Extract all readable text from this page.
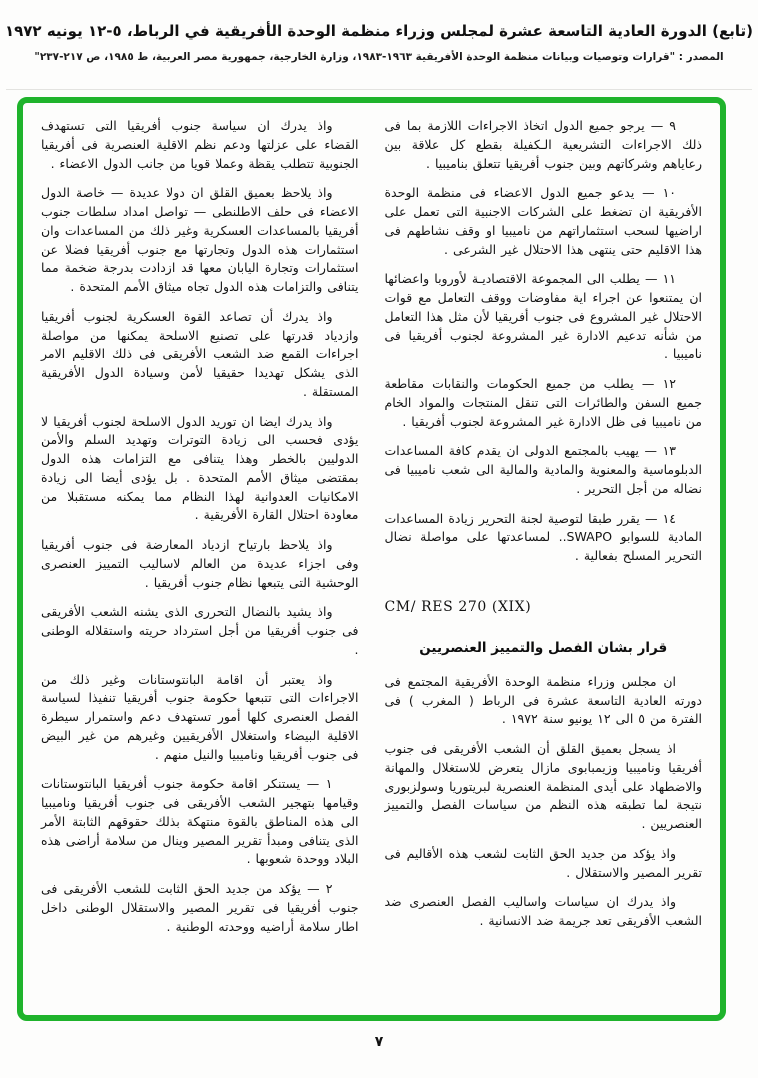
(تابع) الدورة العادية التاسعة عشرة لمجلس وزراء منظمة الوحدة الأفريقية في الرباط، ٥-١٢ يونيه ١٩٧٢
المصدر : "قرارات وتوصيات وبيانات منظمة الوحدة الأفريقية ١٩٦٣-١٩٨٣، وزارة الخارجية، جمهورية مصر العربية، ط ١٩٨٥، ص ٢١٧-٢٣٧"

٩ — يرجو جميع الدول اتخاذ الاجراءات اللازمة بما فى ذلك الاجراءات التشريعية الـكفيلة بقطع كل علاقة بين رعاياهم وشركاتهم وبين جنوب أفريقيا تتعلق بناميبيا .

١٠ — يدعو جميع الدول الاعضاء فى منظمة الوحدة الأفريقية ان تضغط على الشركات الاجنبية التى تعمل على اراضيها لسحب استثماراتهم من ناميبيا او وقف نشاطهم فى هذا الاقليم حتى ينتهى هذا الاحتلال غير الشرعى .

١١ — يطلب الى المجموعة الاقتصاديـة لأوروبا واعضائها ان يمتنعوا عن اجراء اية مفاوضات ووقف التعامل مع قوات الاحتلال غير المشروع فى جنوب أفريقيا لأن مثل هذا التعامل من شأنه تدعيم الادارة غير المشروعة لجنوب أفريقيا فى ناميبيا .

١٢ — يطلب من جميع الحكومات والنقابات مقاطعة جميع السفن والطائرات التى تنقل المنتجات والمواد الخام من ناميبيا فى ظل الادارة غير المشروعة لجنوب أفريقيا .

١٣ — يهيب بالمجتمع الدولى ان يقدم كافة المساعدات الدبلوماسية والمعنوية والمادية والمالية الى شعب ناميبيا فى نضاله من أجل التحرير .

١٤ — يقرر طبقا لتوصية لجنة التحرير زيادة المساعدات المادية للسوابو SWAPO.. لمساعدتها على مواصلة نضال التحرير المسلح بفعالية .

CM/ RES 270 (XIX)
قرار بشان الفصل والتمييز العنصريين

ان مجلس وزراء منظمة الوحدة الأفريقية المجتمع فى دورته العادية التاسعة عشرة فى الرباط ( المغرب ) فى الفترة من ٥ الى ١٢ يونيو سنة ١٩٧٢ .

اذ يسجل بعميق القلق أن الشعب الأفريقى فى جنوب أفريقيا وناميبيا وزيمبابوى مازال يتعرض للاستغلال والمهانة والاضطهاد على أيدى المنظمة العنصرية لبريتوريا وسولزبورى نتيجة لما تطبقه هذه النظم من سياسات الفصل والتمييز العنصريين .

واذ يؤكد من جديد الحق الثابت لشعب هذه الأقاليم فى تقرير المصير والاستقلال .

واذ يدرك ان سياسات واساليب الفصل العنصرى ضد الشعب الأفريقى تعد جريمة ضد الانسانية .

واذ يدرك ان سياسة جنوب أفريقيا التى تستهدف القضاء على عزلتها ودعم نظم الاقلية العنصرية فى أفريقيا الجنوبية تتطلب يقظة وعملا قويا من جانب الدول الاعضاء .

واذ يلاحظ بعميق القلق ان دولا عديدة — خاصة الدول الاعضاء فى حلف الاطلنطى — تواصل امداد سلطات جنوب أفريقيا بالمساعدات العسكرية وغير ذلك من المساعدات وان استثمارات هذه الدول وتجارتها مع جنوب أفريقيا فضلا عن استثمارات وتجارة اليابان معها قد ازدادت بدرجة ضخمة مما يتنافى والتزامات هذه الدول تجاه ميثاق الأمم المتحدة .

واذ يدرك أن تصاعد القوة العسكرية لجنوب أفريقيا وازدياد قدرتها على تصنيع الاسلحة يمكنها من مواصلة اجراءات القمع ضد الشعب الأفريقى فى ذلك الاقليم الامر الذى يشكل تهديدا حقيقيا لأمن وسيادة الدول الأفريقية المستقلة .

واذ يدرك ايضا ان توريد الدول الاسلحة لجنوب أفريقيا لا يؤدى فحسب الى زيادة التوترات وتهديد السلم والأمن الدوليين بالخطر وهذا يتنافى مع التزامات هذه الدول بمقتضى ميثاق الأمم المتحدة . بل يؤدى أيضا الى زيادة الامكانيات العدوانية لهذا النظام مما يمكنه مستقبلا من معاودة احتلال القارة الأفريقية .

واذ يلاحظ بارتياح ازدياد المعارضة فى جنوب أفريقيا وفى اجزاء عديدة من العالم لاساليب التمييز العنصرى الوحشية التى يتبعها نظام جنوب أفريقيا .

واذ يشيد بالنضال التحررى الذى يشنه الشعب الأفريقى فى جنوب أفريقيا من أجل استرداد حريته واستقلاله الوطنى .

واذ يعتبر أن اقامة البانتوستانات وغير ذلك من الاجراءات التى تتبعها حكومة جنوب أفريقيا تنفيذا لسياسة الفصل العنصرى كلها أمور تستهدف دعم واستمرار سيطرة الاقلية البيضاء واستغلال الأفريقيين وغيرهم من غير البيض فى جنوب أفريقيا وناميبيا والنيل منهم .

١ — يستنكر اقامة حكومة جنوب أفريقيا البانتوستانات وقيامها بتهجير الشعب الأفريقى فى جنوب أفريقيا وناميبيا الى هذه المناطق بالقوة منتهكة بذلك حقوقهم الثابتة الأمر الذى يتنافى ومبدأ تقرير المصير وينال من سلامة أراضى هذه البلاد ووحدة شعوبها .

٢ — يؤكد من جديد الحق الثابت للشعب الأفريقى فى جنوب أفريقيا فى تقرير المصير والاستقلال الوطنى داخل اطار سلامة أراضيه ووحدته الوطنية .

٧
